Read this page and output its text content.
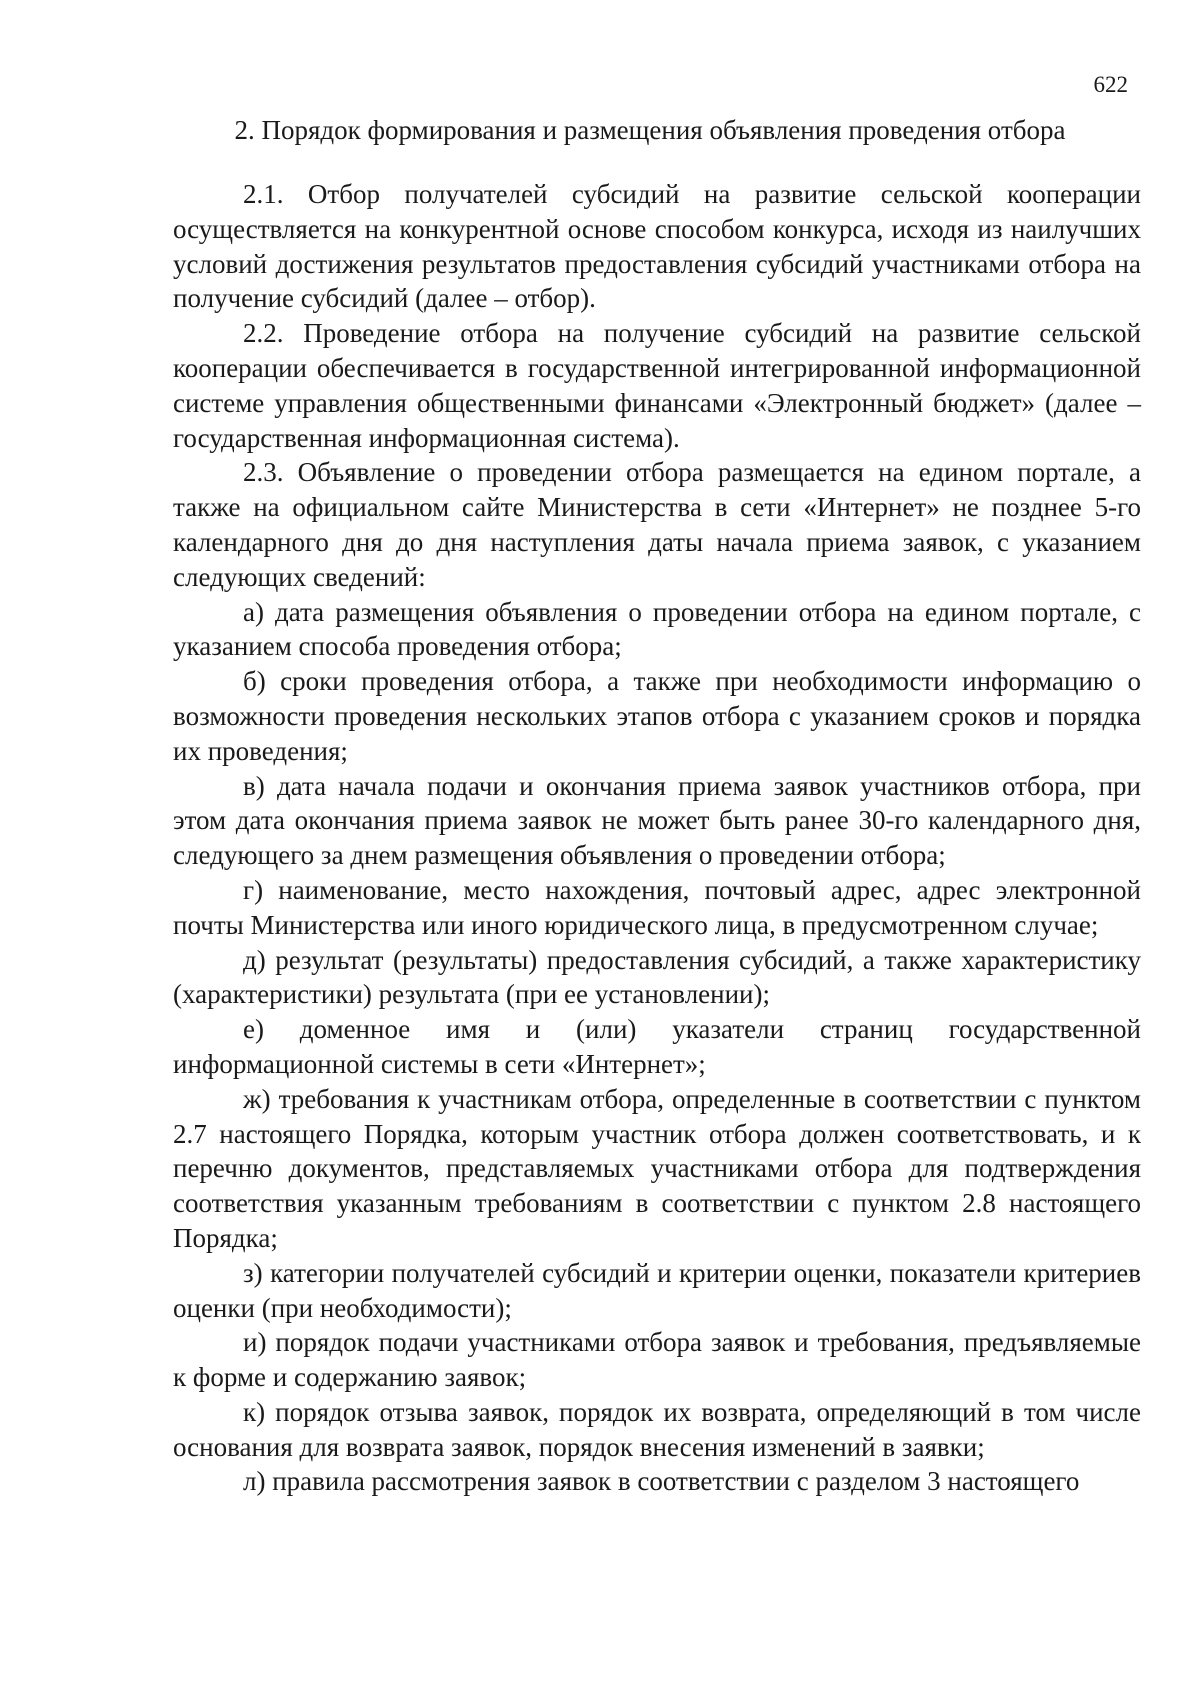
622
2. Порядок формирования и размещения объявления проведения отбора

2.1. Отбор получателей субсидий на развитие сельской кооперации осуществляется на конкурентной основе способом конкурса, исходя из наилучших условий достижения результатов предоставления субсидий участниками отбора на получение субсидий (далее – отбор).

2.2. Проведение отбора на получение субсидий на развитие сельской кооперации обеспечивается в государственной интегрированной информационной системе управления общественными финансами «Электронный бюджет» (далее – государственная информационная система).

2.3. Объявление о проведении отбора размещается на едином портале, а также на официальном сайте Министерства в сети «Интернет» не позднее 5-го календарного дня до дня наступления даты начала приема заявок, с указанием следующих сведений:

а) дата размещения объявления о проведении отбора на едином портале, с указанием способа проведения отбора;

б) сроки проведения отбора, а также при необходимости информацию о возможности проведения нескольких этапов отбора с указанием сроков и порядка их проведения;

в) дата начала подачи и окончания приема заявок участников отбора, при этом дата окончания приема заявок не может быть ранее 30-го календарного дня, следующего за днем размещения объявления о проведении отбора;

г) наименование, место нахождения, почтовый адрес, адрес электронной почты Министерства или иного юридического лица, в предусмотренном случае;

д) результат (результаты) предоставления субсидий, а также характеристику (характеристики) результата (при ее установлении);

е) доменное имя и (или) указатели страниц государственной информационной системы в сети «Интернет»;

ж) требования к участникам отбора, определенные в соответствии с пунктом 2.7 настоящего Порядка, которым участник отбора должен соответствовать, и к перечню документов, представляемых участниками отбора для подтверждения соответствия указанным требованиям в соответствии с пунктом 2.8 настоящего Порядка;

з) категории получателей субсидий и критерии оценки, показатели критериев оценки (при необходимости);

и) порядок подачи участниками отбора заявок и требования, предъявляемые к форме и содержанию заявок;

к) порядок отзыва заявок, порядок их возврата, определяющий в том числе основания для возврата заявок, порядок внесения изменений в заявки;

л) правила рассмотрения заявок в соответствии с разделом 3 настоящего
